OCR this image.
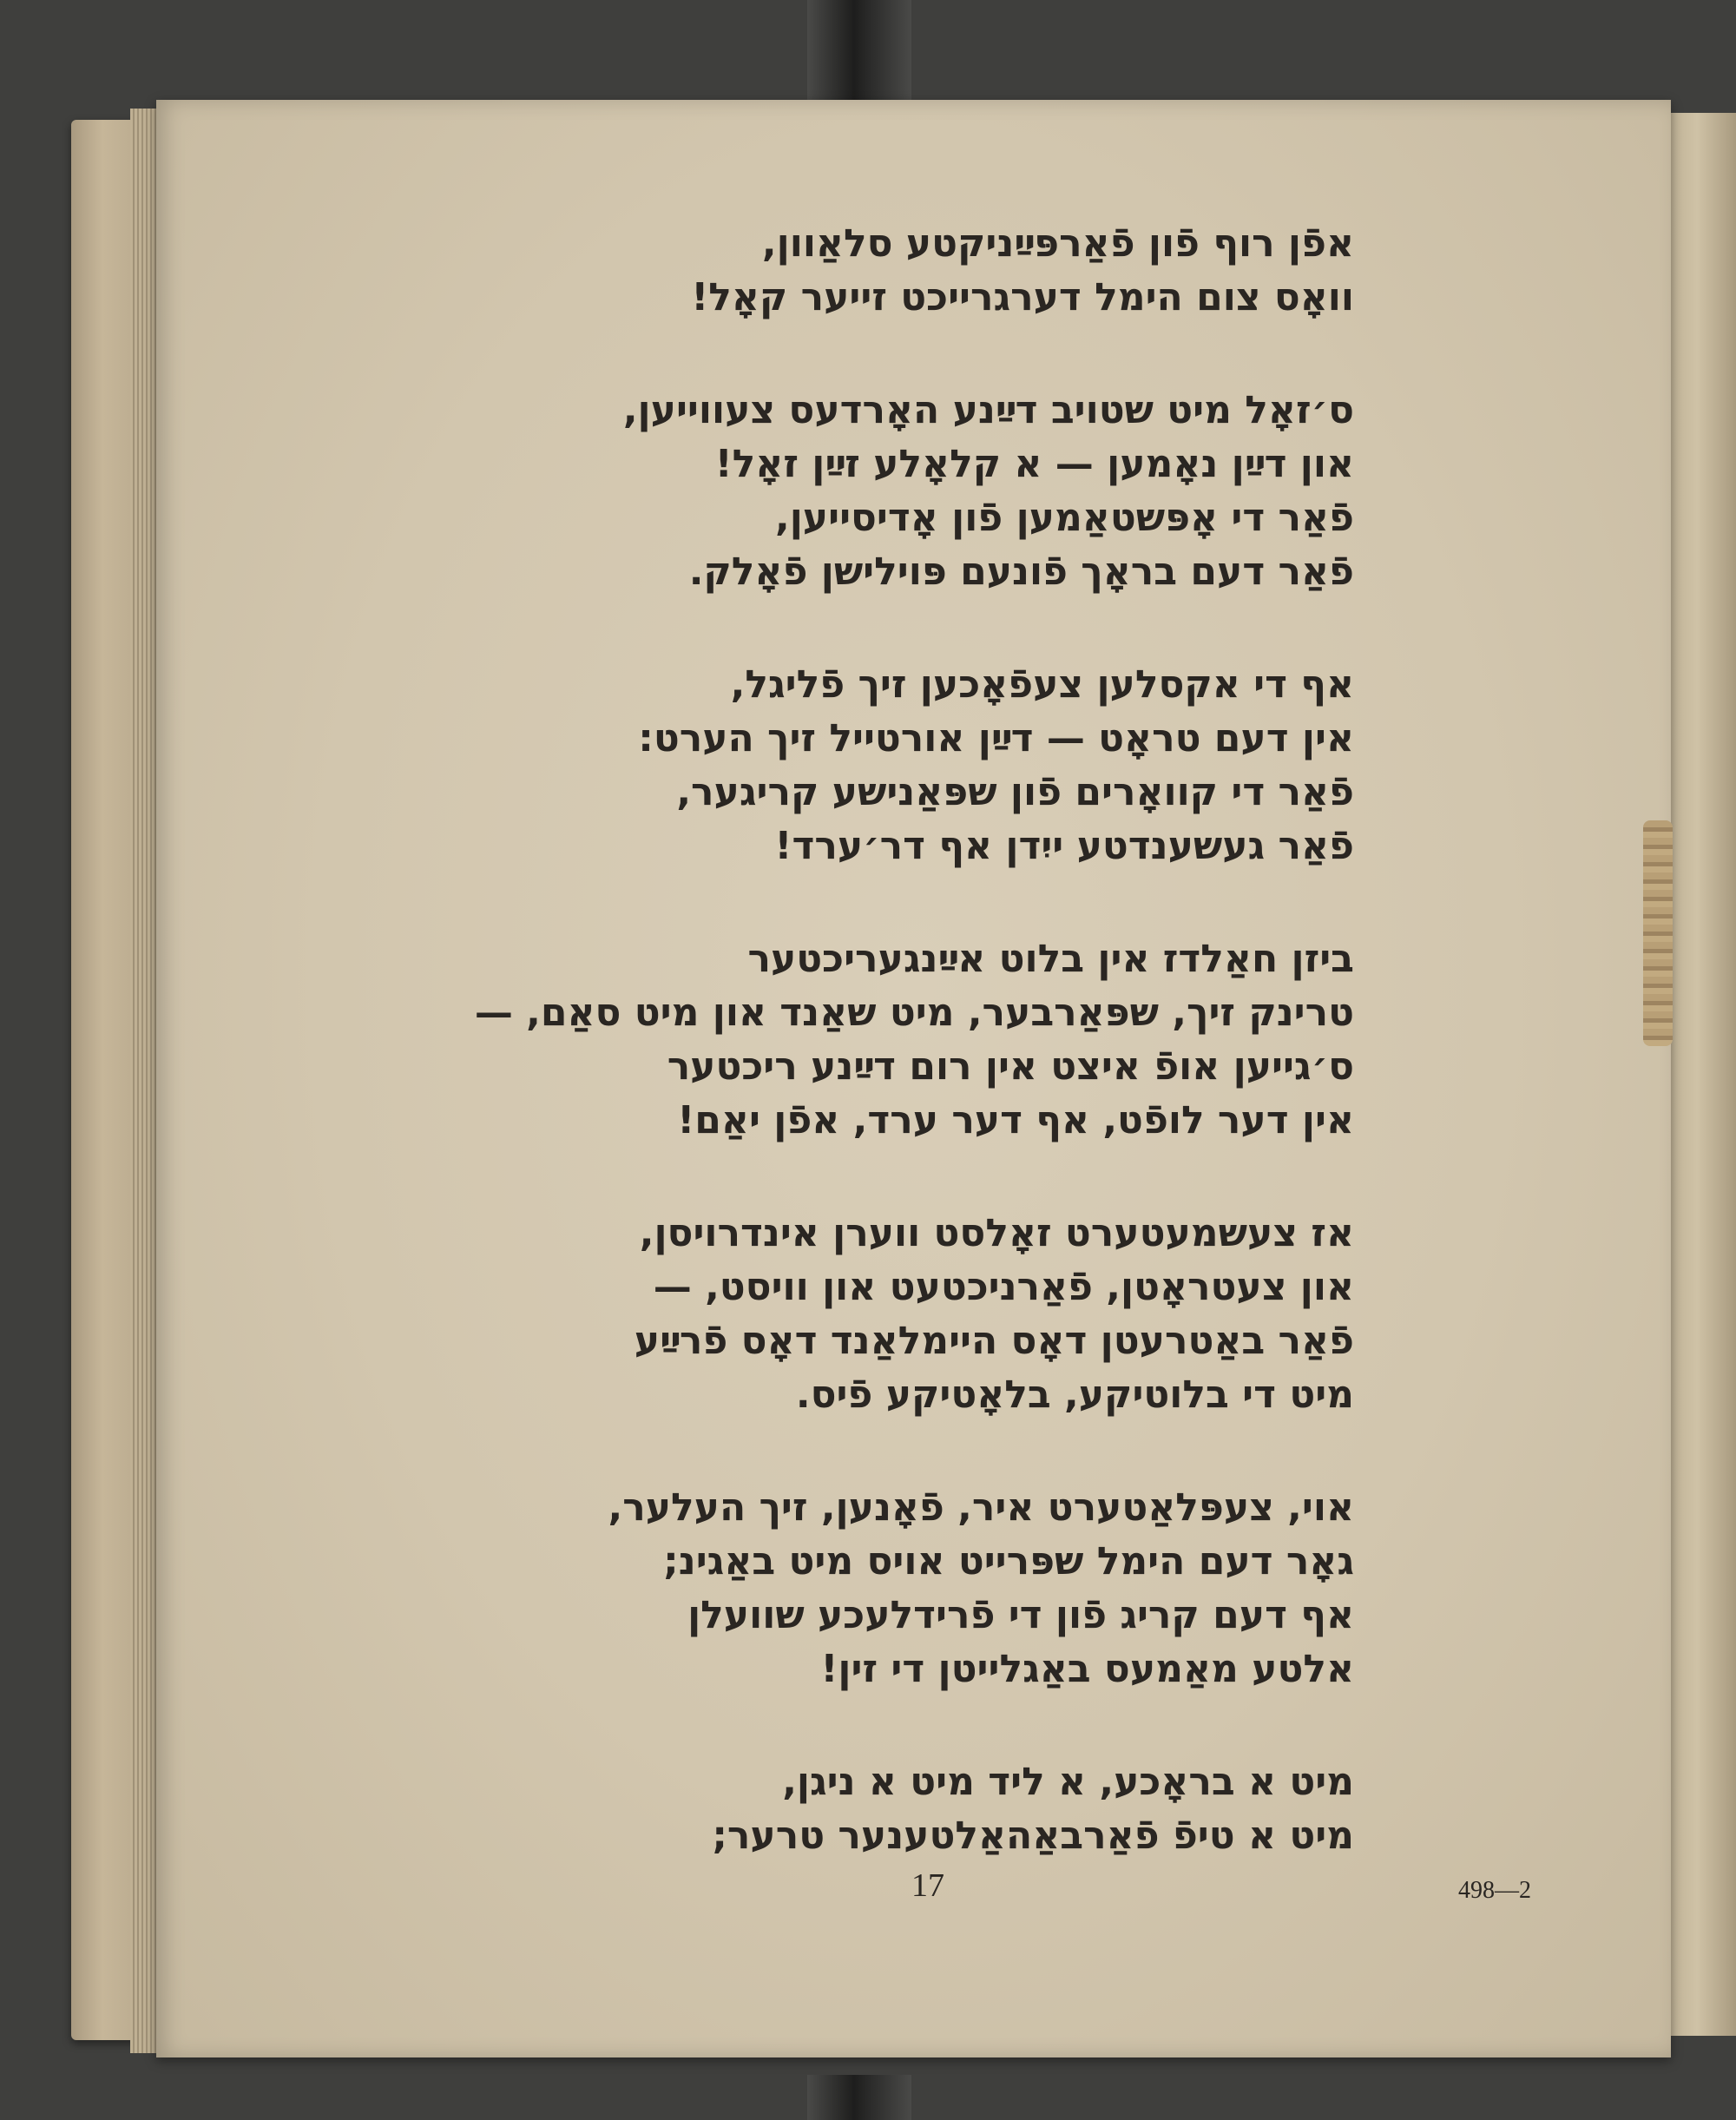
אפֿן רוף פֿון פֿאַרפּײַניקטע סלאַוון,
וואָס צום הימל דערגרייכט זייער קאָל!
ס׳זאָל מיט שטויב דײַנע האָרדעס צעווייען,
און דײַן נאָמען — א קלאָלע זײַן זאָל!
פֿאַר די אָפּשטאַמען פֿון אָדיסייען,
פֿאַר דעם בראָך פֿונעם פּוילישן פֿאָלק.
אף די אקסלען צעפֿאָכען זיך פֿליגל,
אין דעם טראָט — דײַן אורטייל זיך הערט:
פֿאַר די קוואָרים פֿון שפּאַנישע קריגער,
פֿאַר געשענדטע ייִדן אף דר׳ערד!
ביזן חאַלדז אין בלוט אײַנגעריכטער
טרינק זיך, שפּאַרבער, מיט שאַנד און מיט סאַם, —
ס׳גייען אופֿ איצט אין רום דײַנע ריכטער
אין דער לופֿט, אף דער ערד, אפֿן יאַם!
אז צעשמעטערט זאָלסט ווערן אינדרויסן,
און צעטראָטן, פֿאַרניכטעט און וויסט, —
פֿאַר באַטרעטן דאָס היימלאַנד דאָס פֿרײַע
מיט די בלוטיקע, בלאָטיקע פֿיס.
אוי, צעפּלאַטערט איר, פֿאָנען, זיך העלער,
גאָר דעם הימל שפּרייט אויס מיט באַגינ;
אף דעם קריג פֿון די פֿרידלעכע שוועלן
אלטע מאַמעס באַגלייטן די זין!
מיט א בראָכע, א ליד מיט א ניגן,
מיט א טיפֿ פֿאַרבאַהאַלטענער טרער;
17	498—2
